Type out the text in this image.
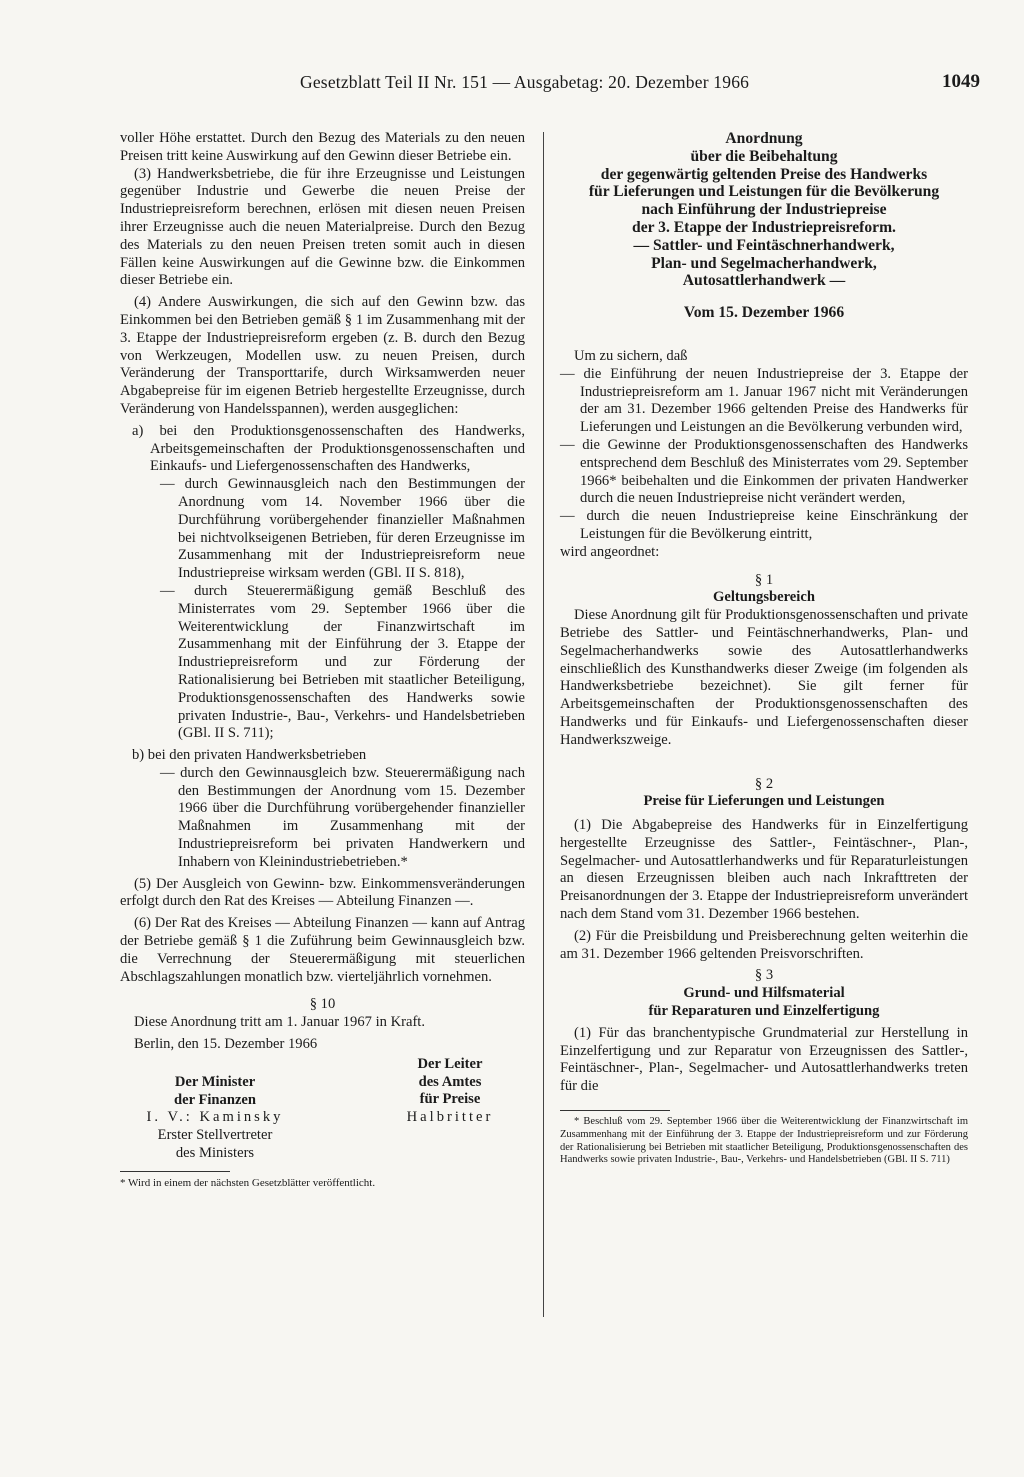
Gesetzblatt Teil II Nr. 151 — Ausgabetag: 20. Dezember 1966	1049

voller Höhe erstattet. Durch den Bezug des Materials zu den neuen Preisen tritt keine Auswirkung auf den Gewinn dieser Betriebe ein.

(3) Handwerksbetriebe, die für ihre Erzeugnisse und Leistungen gegenüber Industrie und Gewerbe die neuen Preise der Industriepreisreform berechnen, erlösen mit diesen neuen Preisen ihrer Erzeugnisse auch die neuen Materialpreise. Durch den Bezug des Materials zu den neuen Preisen treten somit auch in diesen Fällen keine Auswirkungen auf die Gewinne bzw. die Einkommen dieser Betriebe ein.

(4) Andere Auswirkungen, die sich auf den Gewinn bzw. das Einkommen bei den Betrieben gemäß § 1 im Zusammenhang mit der 3. Etappe der Industriepreisreform ergeben (z. B. durch den Bezug von Werkzeugen, Modellen usw. zu neuen Preisen, durch Veränderung der Transporttarife, durch Wirksamwerden neuer Abgabepreise für im eigenen Betrieb hergestellte Erzeugnisse, durch Veränderung von Handelsspannen), werden ausgeglichen:

a) bei den Produktionsgenossenschaften des Handwerks, Arbeitsgemeinschaften der Produktionsgenossenschaften und Einkaufs- und Liefergenossenschaften des Handwerks,

— durch Gewinnausgleich nach den Bestimmungen der Anordnung vom 14. November 1966 über die Durchführung vorübergehender finanzieller Maßnahmen bei nichtvolkseigenen Betrieben, für deren Erzeugnisse im Zusammenhang mit der Industriepreisreform neue Industriepreise wirksam werden (GBl. II S. 818),

— durch Steuerermäßigung gemäß Beschluß des Ministerrates vom 29. September 1966 über die Weiterentwicklung der Finanzwirtschaft im Zusammenhang mit der Einführung der 3. Etappe der Industriepreisreform und zur Förderung der Rationalisierung bei Betrieben mit staatlicher Beteiligung, Produktionsgenossenschaften des Handwerks sowie privaten Industrie-, Bau-, Verkehrs- und Handelsbetrieben (GBl. II S. 711);

b) bei den privaten Handwerksbetrieben

— durch den Gewinnausgleich bzw. Steuerermäßigung nach den Bestimmungen der Anordnung vom 15. Dezember 1966 über die Durchführung vorübergehender finanzieller Maßnahmen im Zusammenhang mit der Industriepreisreform bei privaten Handwerkern und Inhabern von Kleinindustriebetrieben.*

(5) Der Ausgleich von Gewinn- bzw. Einkommensveränderungen erfolgt durch den Rat des Kreises — Abteilung Finanzen —.

(6) Der Rat des Kreises — Abteilung Finanzen — kann auf Antrag der Betriebe gemäß § 1 die Zuführung beim Gewinnausgleich bzw. die Verrechnung der Steuerermäßigung mit steuerlichen Abschlagszahlungen monatlich bzw. vierteljährlich vornehmen.

§ 10

Diese Anordnung tritt am 1. Januar 1967 in Kraft.

Berlin, den 15. Dezember 1966

Der Minister
der Finanzen
I. V.: Kaminsky
Erster Stellvertreter
des Ministers
Der Leiter
des Amtes
für Preise
Halbritter

* Wird in einem der nächsten Gesetzblätter veröffentlicht.

Anordnung
über die Beibehaltung
der gegenwärtig geltenden Preise des Handwerks
für Lieferungen und Leistungen für die Bevölkerung
nach Einführung der Industriepreise
der 3. Etappe der Industriepreisreform.
— Sattler- und Feintäschnerhandwerk,
Plan- und Segelmacherhandwerk,
Autosattlerhandwerk —
Vom 15. Dezember 1966

Um zu sichern, daß

— die Einführung der neuen Industriepreise der 3. Etappe der Industriepreisreform am 1. Januar 1967 nicht mit Veränderungen der am 31. Dezember 1966 geltenden Preise des Handwerks für Lieferungen und Leistungen an die Bevölkerung verbunden wird,

— die Gewinne der Produktionsgenossenschaften des Handwerks entsprechend dem Beschluß des Ministerrates vom 29. September 1966* beibehalten und die Einkommen der privaten Handwerker durch die neuen Industriepreise nicht verändert werden,

— durch die neuen Industriepreise keine Einschränkung der Leistungen für die Bevölkerung eintritt,

wird angeordnet:

§ 1

Geltungsbereich

Diese Anordnung gilt für Produktionsgenossenschaften und private Betriebe des Sattler- und Feintäschnerhandwerks, Plan- und Segelmacherhandwerks sowie des Autosattlerhandwerks einschließlich des Kunsthandwerks dieser Zweige (im folgenden als Handwerksbetriebe bezeichnet). Sie gilt ferner für Arbeitsgemeinschaften der Produktionsgenossenschaften des Handwerks und für Einkaufs- und Liefergenossenschaften dieser Handwerkszweige.

§ 2

Preise für Lieferungen und Leistungen

(1) Die Abgabepreise des Handwerks für in Einzelfertigung hergestellte Erzeugnisse des Sattler-, Feintäschner-, Plan-, Segelmacher- und Autosattlerhandwerks und für Reparaturleistungen an diesen Erzeugnissen bleiben auch nach Inkrafttreten der Preisanordnungen der 3. Etappe der Industriepreisreform unverändert nach dem Stand vom 31. Dezember 1966 bestehen.

(2) Für die Preisbildung und Preisberechnung gelten weiterhin die am 31. Dezember 1966 geltenden Preisvorschriften.

§ 3

Grund- und Hilfsmaterial

für Reparaturen und Einzelfertigung

(1) Für das branchentypische Grundmaterial zur Herstellung in Einzelfertigung und zur Reparatur von Erzeugnissen des Sattler-, Feintäschner-, Plan-, Segelmacher- und Autosattlerhandwerks treten für die

* Beschluß vom 29. September 1966 über die Weiterentwicklung der Finanzwirtschaft im Zusammenhang mit der Einführung der 3. Etappe der Industriepreisreform und zur Förderung der Rationalisierung bei Betrieben mit staatlicher Beteiligung, Produktionsgenossenschaften des Handwerks sowie privaten Industrie-, Bau-, Verkehrs- und Handelsbetrieben (GBl. II S. 711)
